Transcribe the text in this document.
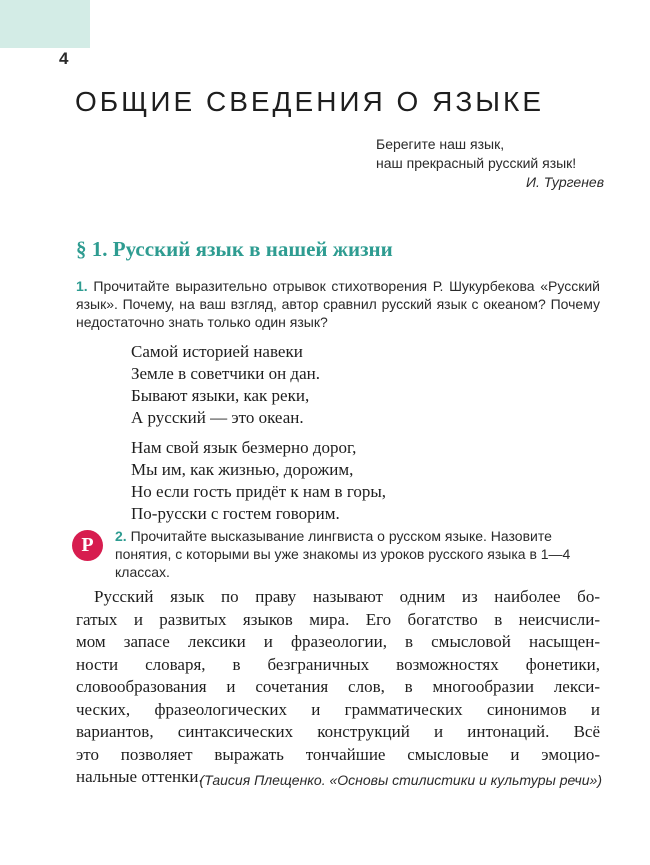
4
ОБЩИЕ СВЕДЕНИЯ О ЯЗЫКЕ
Берегите наш язык,
наш прекрасный русский язык!
И. Тургенев
§ 1. Русский язык в нашей жизни
1. Прочитайте выразительно отрывок стихотворения Р. Шукурбекова «Русский язык». Почему, на ваш взгляд, автор сравнил русский язык с океаном? Почему недостаточно знать только один язык?
Самой историей навеки
Земле в советчики он дан.
Бывают языки, как реки,
А русский — это океан.
Нам свой язык безмерно дорог,
Мы им, как жизнью, дорожим,
Но если гость придёт к нам в горы,
По-русски с гостем говорим.
Р	2. Прочитайте высказывание лингвиста о русском языке. Назовите понятия, с которыми вы уже знакомы из уроков русского языка в 1—4 классах.
Русский язык по праву называют одним из наиболее бо-
гатых и развитых языков мира. Его богатство в неисчисли-
мом запасе лексики и фразеологии, в смысловой насыщен-
ности словаря, в безграничных возможностях фонетики,
словообразования и сочетания слов, в многообразии лекси-
ческих, фразеологических и грамматических синонимов и
вариантов, синтаксических конструкций и интонаций. Всё
это позволяет выражать тончайшие смысловые и эмоцио-
нальные оттенки.
(Таисия Плещенко. «Основы стилистики и культуры речи»)
